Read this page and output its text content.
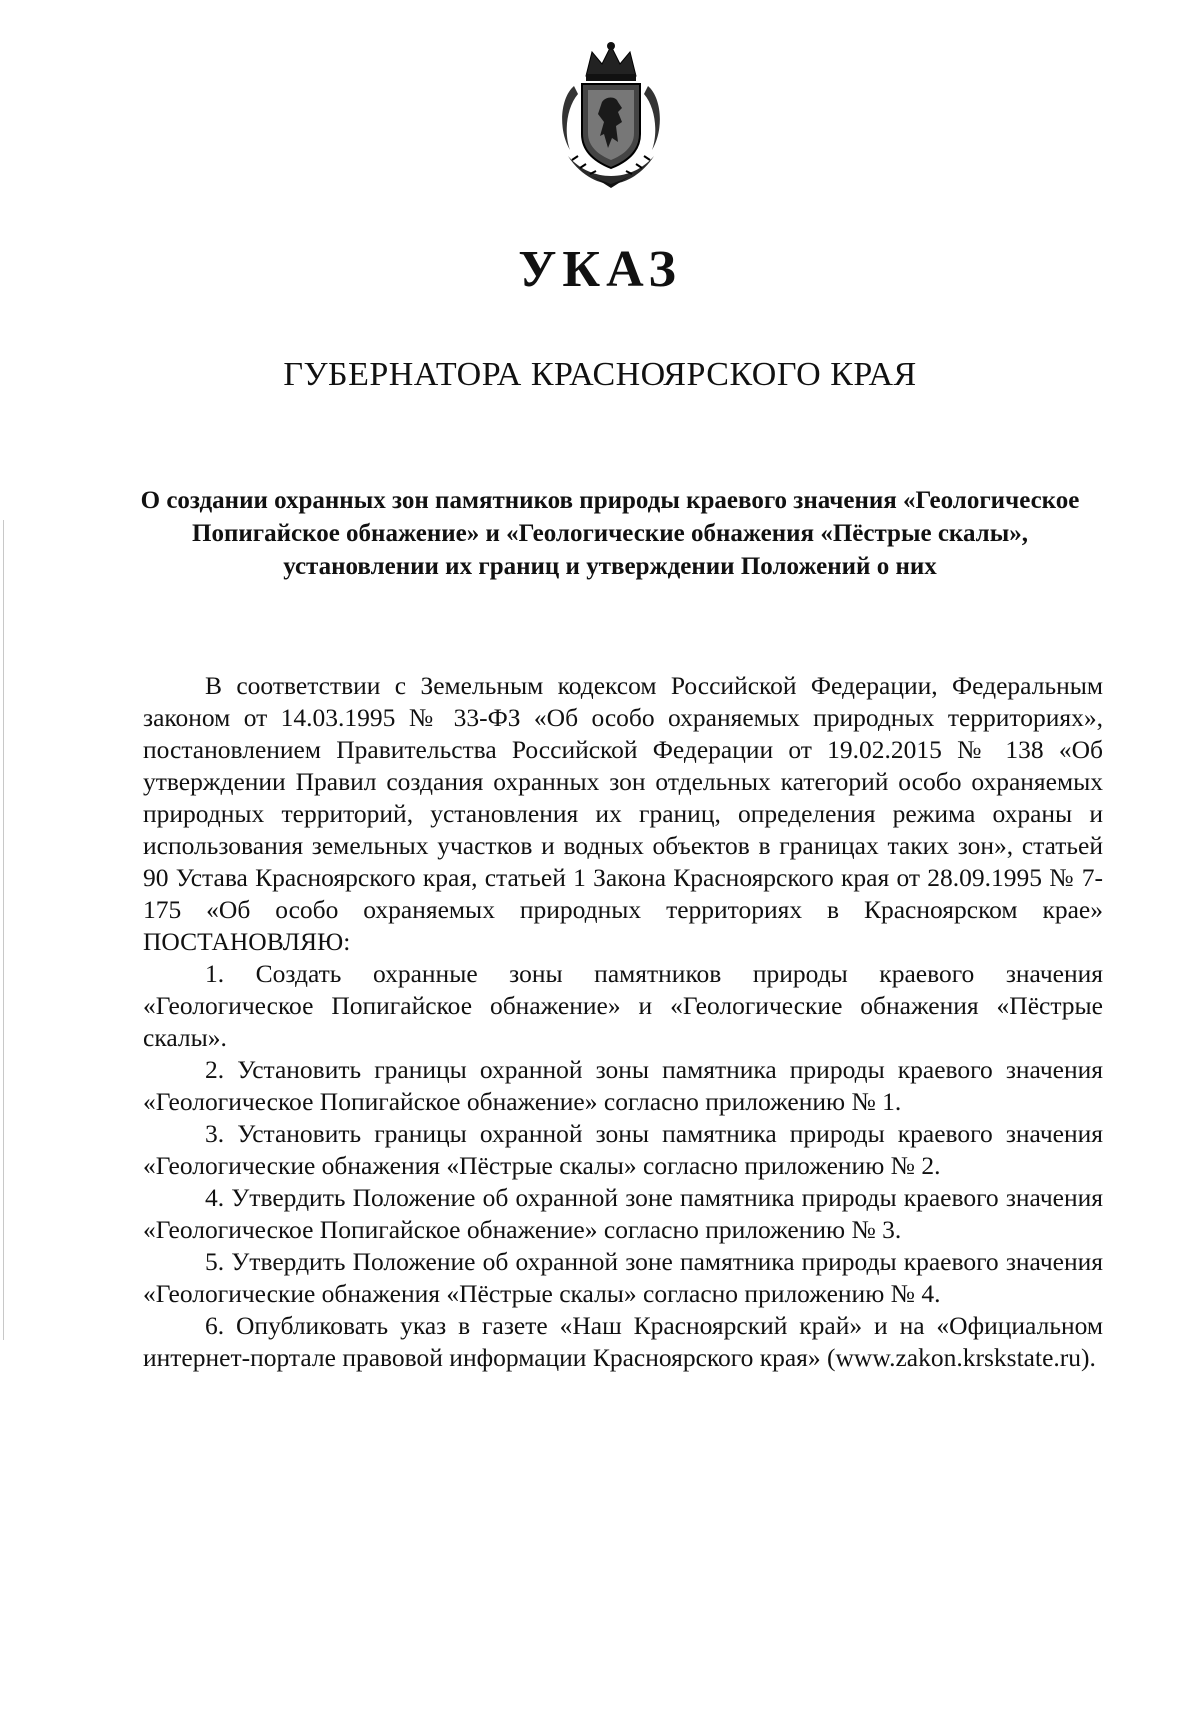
УКАЗ
ГУБЕРНАТОРА КРАСНОЯРСКОГО КРАЯ
О создании охранных зон памятников природы краевого значения «Геологическое Попигайское обнажение» и «Геологические обнажения «Пёстрые скалы», установлении их границ и утверждении Положений о них

В соответствии с Земельным кодексом Российской Федерации, Федеральным законом от 14.03.1995 № 33-ФЗ «Об особо охраняемых природных территориях», постановлением Правительства Российской Федерации от 19.02.2015 № 138 «Об утверждении Правил создания охранных зон отдельных категорий особо охраняемых природных территорий, установления их границ, определения режима охраны и использования земельных участков и водных объектов в границах таких зон», статьей 90 Устава Красноярского края, статьей 1 Закона Красноярского края от 28.09.1995 № 7-175 «Об особо охраняемых природных территориях в Красноярском крае» ПОСТАНОВЛЯЮ:

1. Создать охранные зоны памятников природы краевого значения «Геологическое Попигайское обнажение» и «Геологические обнажения «Пёстрые скалы».

2. Установить границы охранной зоны памятника природы краевого значения «Геологическое Попигайское обнажение» согласно приложению № 1.

3. Установить границы охранной зоны памятника природы краевого значения «Геологические обнажения «Пёстрые скалы» согласно приложению № 2.

4. Утвердить Положение об охранной зоне памятника природы краевого значения «Геологическое Попигайское обнажение» согласно приложению № 3.

5. Утвердить Положение об охранной зоне памятника природы краевого значения «Геологические обнажения «Пёстрые скалы» согласно приложению № 4.

6. Опубликовать указ в газете «Наш Красноярский край» и на «Официальном интернет-портале правовой информации Красноярского края» (www.zakon.krskstate.ru).
